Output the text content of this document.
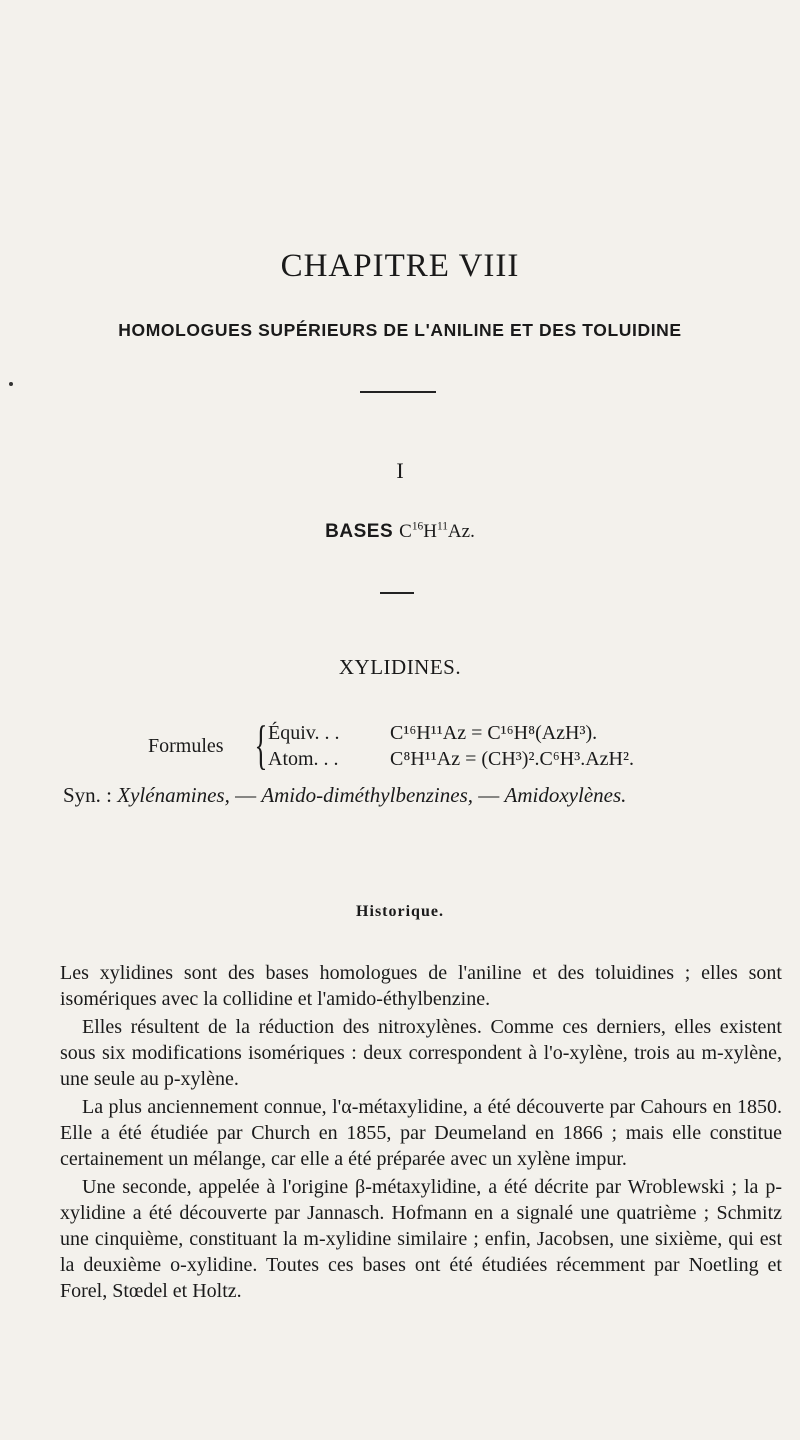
CHAPITRE VIII
HOMOLOGUES SUPÉRIEURS DE L'ANILINE ET DES TOLUIDINE
I
BASES $C^{16}H^{11}Az$.
XYLIDINES.
Formules { Équiv. . .	C¹⁶H¹¹Az = C¹⁶H⁸(AzH³).
Atom. . .	C⁸H¹¹Az = (CH³)².C⁶H³.AzH².
Syn. : Xylénamines, — Amido-diméthylbenzines, — Amidoxylènes.
Historique.

Les xylidines sont des bases homologues de l'aniline et des toluidines ; elles sont isomériques avec la collidine et l'amido-éthylbenzine.

Elles résultent de la réduction des nitroxylènes. Comme ces derniers, elles existent sous six modifications isomériques : deux correspondent à l'o-xylène, trois au m-xylène, une seule au p-xylène.

La plus anciennement connue, l'α-métaxylidine, a été découverte par Cahours en 1850. Elle a été étudiée par Church en 1855, par Deumeland en 1866 ; mais elle constitue certainement un mélange, car elle a été préparée avec un xylène impur.

Une seconde, appelée à l'origine β-métaxylidine, a été décrite par Wroblewski ; la p-xylidine a été découverte par Jannasch. Hofmann en a signalé une quatrième ; Schmitz une cinquième, constituant la m-xylidine similaire ; enfin, Jacobsen, une sixième, qui est la deuxième o-xylidine. Toutes ces bases ont été étudiées récemment par Noetling et Forel, Stœdel et Holtz.
